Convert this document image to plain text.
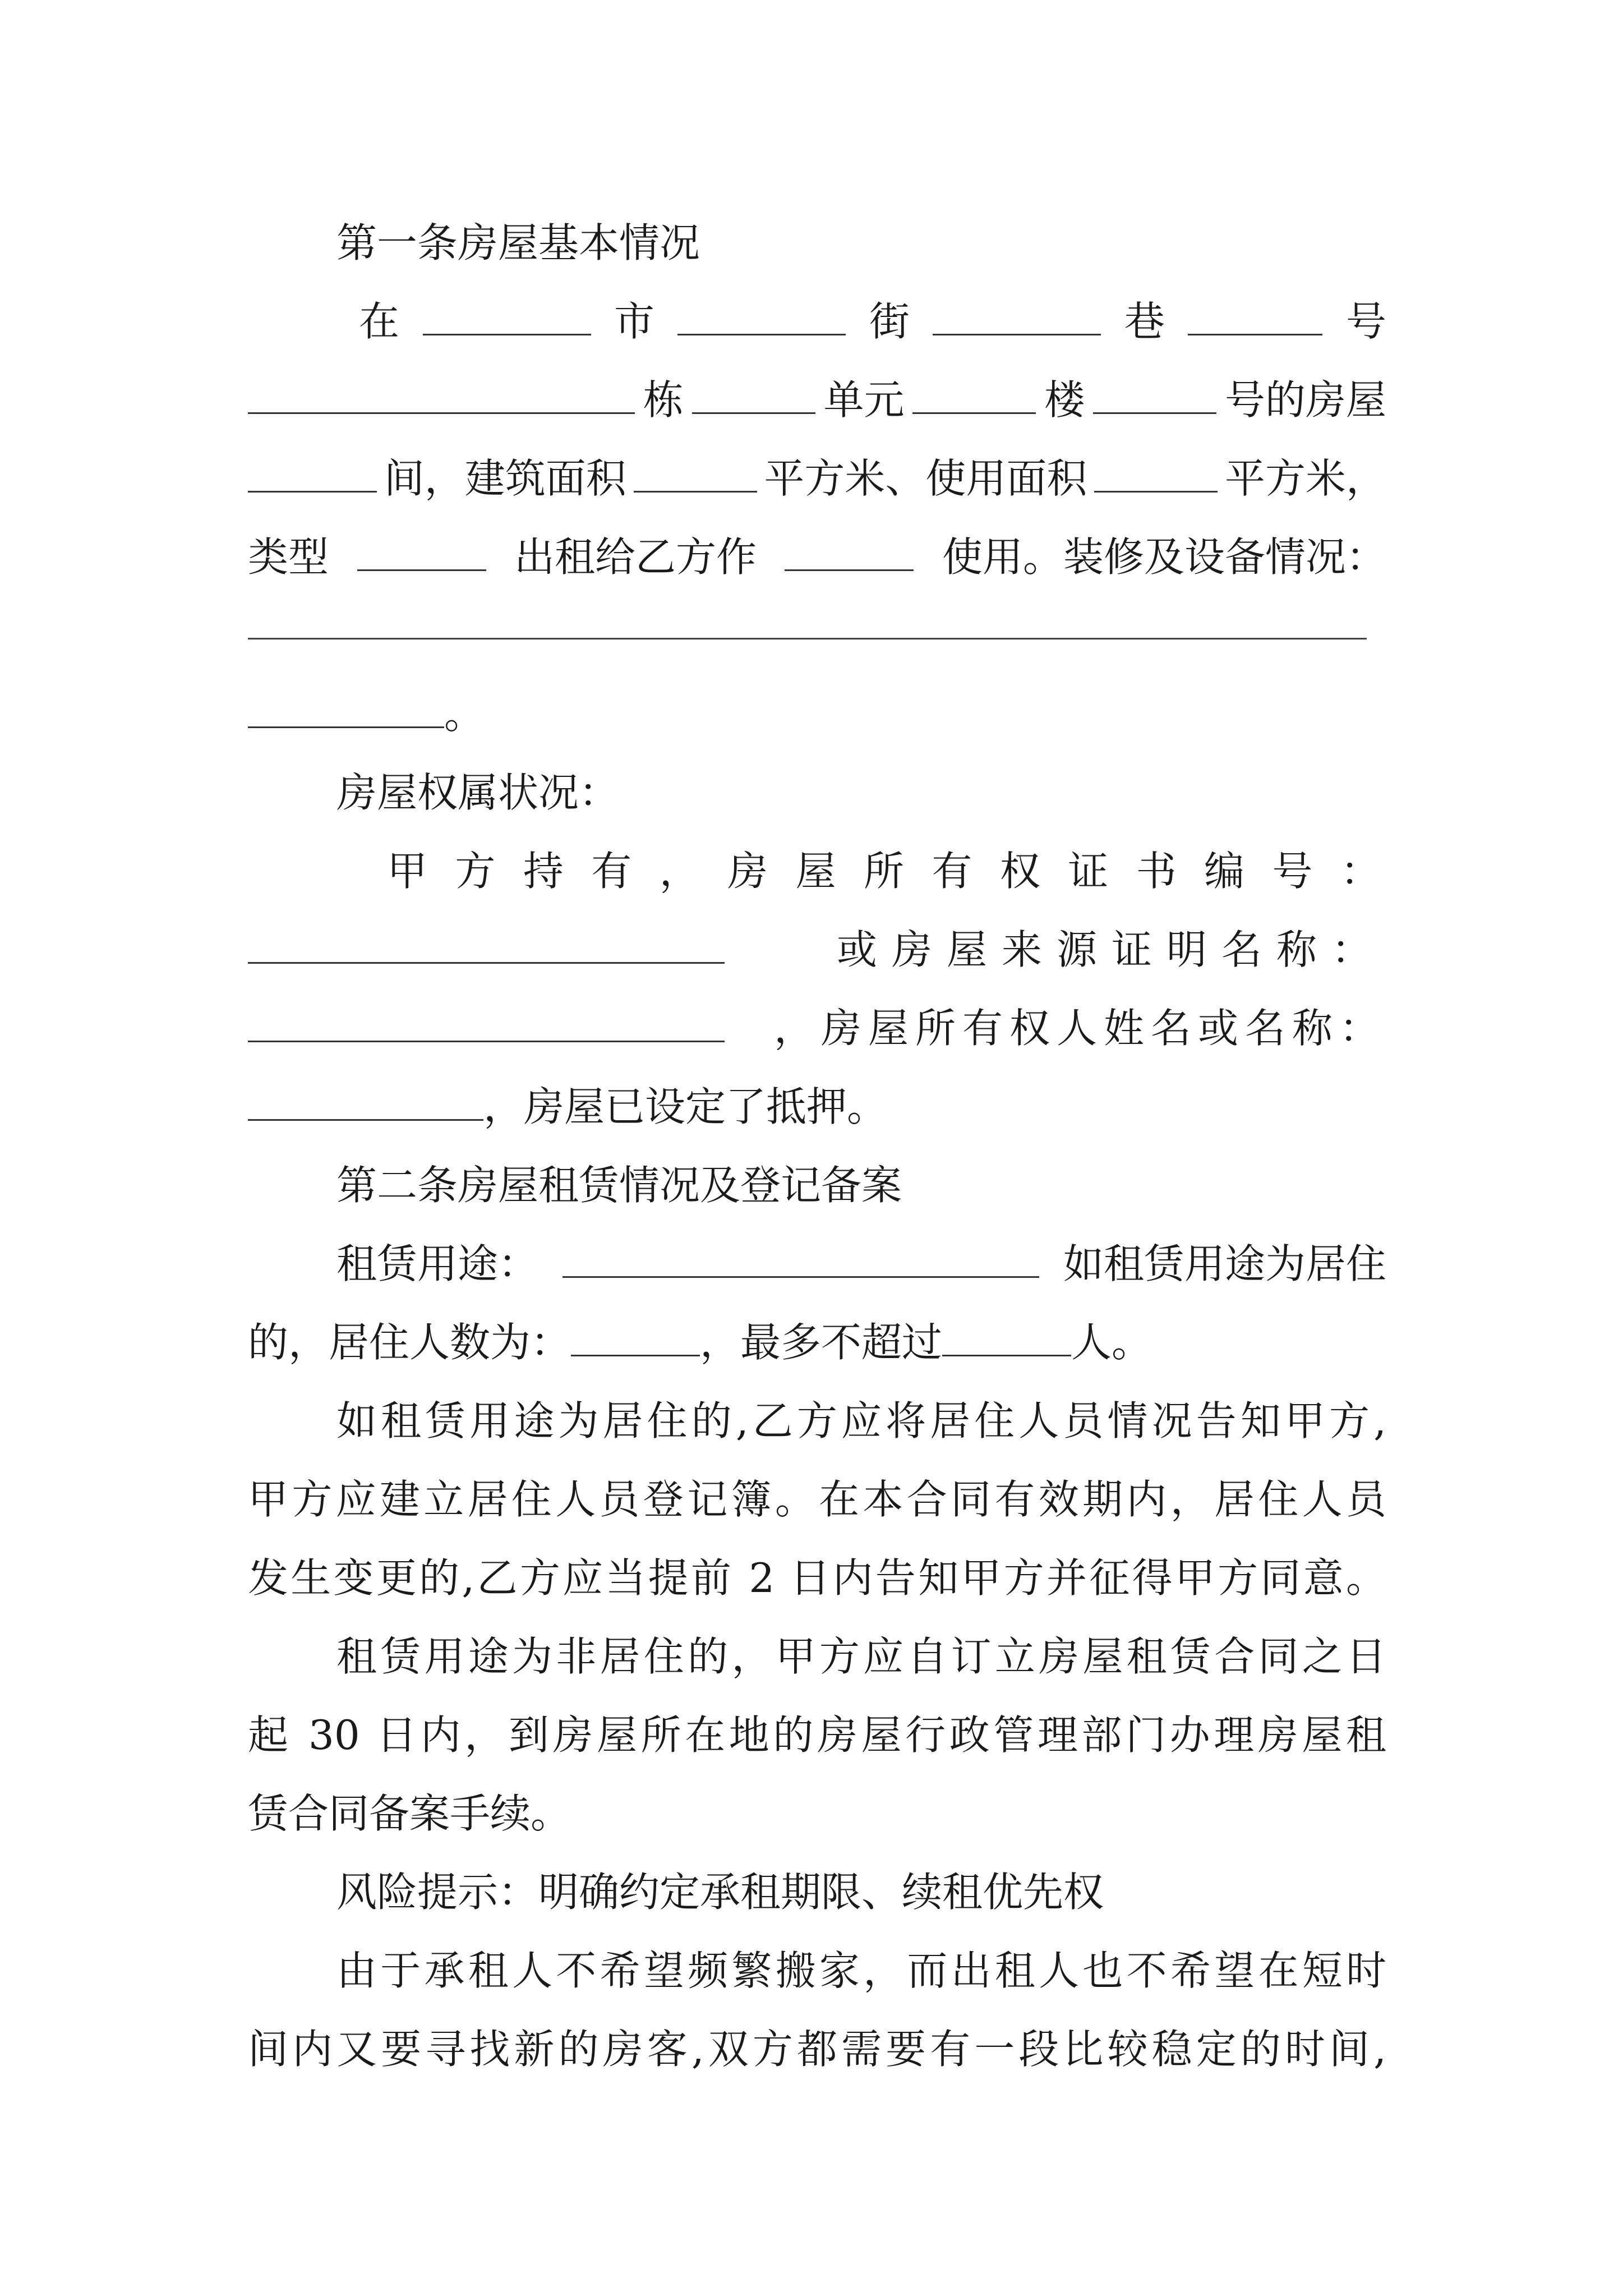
第一条房屋基本情况
在	市	街	巷	号
栋	单元	楼	号的房屋
间，建筑面积	平方米、使用面积	平方米，
类型	出租给乙方作	使用。装修及设备情况：
。
房屋权属状况：
甲方持有，房屋所有权证书编号：
或房屋来源证明名称：
，房屋所有权人姓名或名称：
，房屋已设定了抵押。
第二条房屋租赁情况及登记备案
租赁用途：	如租赁用途为居住
的，居住人数为：	，最多不超过	人。
如租赁用途为居住的,乙方应将居住人员情况告知甲方,
甲方应建立居住人员登记簿。在本合同有效期内，居住人员
发生变更的,乙方应当提前 2 日内告知甲方并征得甲方同意。
租赁用途为非居住的，甲方应自订立房屋租赁合同之日
起 30 日内，到房屋所在地的房屋行政管理部门办理房屋租
赁合同备案手续。
风险提示：明确约定承租期限、续租优先权
由于承租人不希望频繁搬家，而出租人也不希望在短时
间内又要寻找新的房客,双方都需要有一段比较稳定的时间,
